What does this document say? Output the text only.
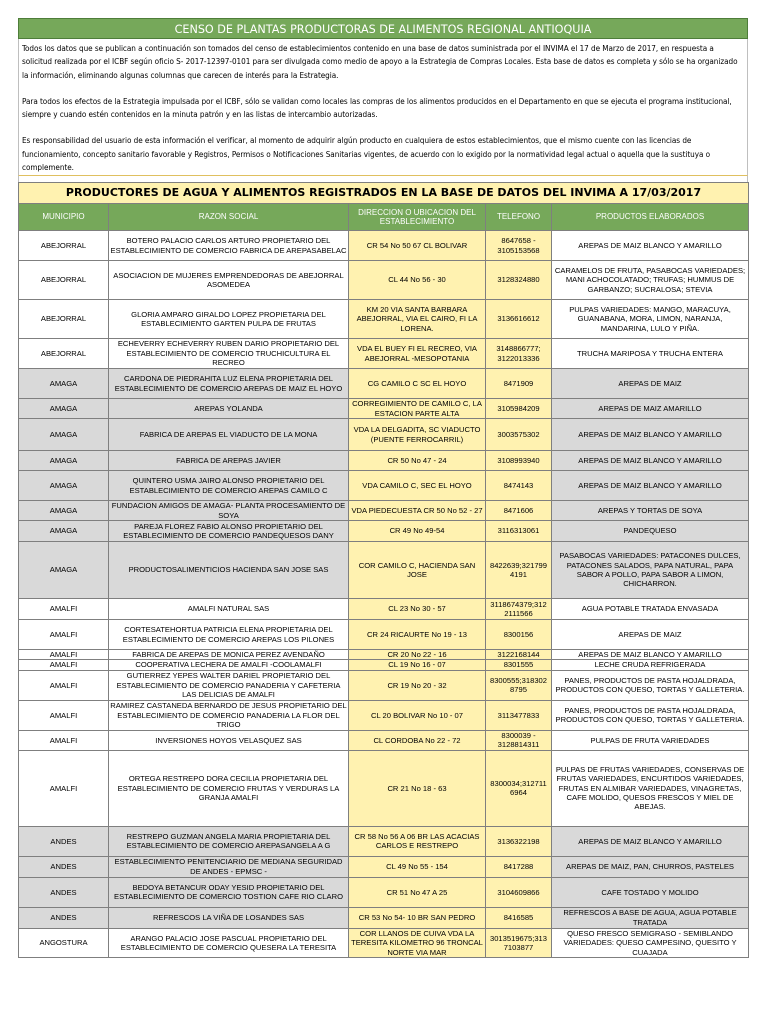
CENSO DE PLANTAS PRODUCTORAS DE ALIMENTOS REGIONAL ANTIOQUIA

Todos los datos que se publican a continuación son tomados del censo de establecimientos contenido en una base de datos suministrada por el INVIMA el 17 de Marzo de 2017, en respuesta a solicitud realizada por el ICBF según oficio S- 2017-12397-0101 para ser divulgada como medio de apoyo a la Estrategia de Compras Locales. Esta base de datos es completa y sólo se ha organizado la información, eliminando algunas columnas que carecen de interés para la Estrategia.

Para todos los efectos de la Estrategia impulsada por el ICBF, sólo se validan como locales las compras de los alimentos producidos en el Departamento en que se ejecuta el programa institucional, siempre y cuando estén contenidos en la minuta patrón y en las listas de intercambio autorizadas.

Es responsabilidad del usuario de esta información el verificar, al momento de adquirir algún producto en cualquiera de estos establecimientos, que el mismo cuente con las licencias de funcionamiento, concepto sanitario favorable y Registros, Permisos o Notificaciones Sanitarias vigentes, de acuerdo con lo exigido por la normatividad legal actual o aquella que la sustituya o complemente.

PRODUCTORES DE AGUA Y ALIMENTOS REGISTRADOS EN LA BASE DE DATOS DEL INVIMA A 17/03/2017				
MUNICIPIO	RAZON SOCIAL	DIRECCION O UBICACION DEL ESTABLECIMIENTO	TELEFONO	PRODUCTOS ELABORADOS
ABEJORRAL	BOTERO PALACIO CARLOS ARTURO PROPIETARIO DEL ESTABLECIMIENTO DE COMERCIO FABRICA DE AREPASABELAC	CR 54 No 50 67 CL BOLIVAR	8647658 - 3105153568	AREPAS DE MAIZ BLANCO Y AMARILLO
ABEJORRAL	ASOCIACION DE MUJERES EMPRENDEDORAS DE ABEJORRAL ASOMEDEA	CL 44 No 56 - 30	3128324880	CARAMELOS DE FRUTA, PASABOCAS VARIEDADES; MANI ACHOCOLATADO; TRUFAS; HUMMUS DE GARBANZO; SUCRALOSA; STEVIA
ABEJORRAL	GLORIA AMPARO GIRALDO LOPEZ PROPIETARIA DEL ESTABLECIMIENTO GARTEN PULPA DE FRUTAS	KM 20 VIA SANTA BARBARA ABEJORRAL, VIA EL CAIRO, FI LA LORENA.	3136616612	PULPAS VARIEDADES: MANGO, MARACUYA, GUANABANA, MORA, LIMON, NARANJA, MANDARINA, LULO Y PIÑA.
ABEJORRAL	ECHEVERRY ECHEVERRY RUBEN DARIO PROPIETARIO DEL ESTABLECIMIENTO DE COMERCIO TRUCHICULTURA EL RECREO	VDA EL BUEY FI EL RECREO, VIA ABEJORRAL -MESOPOTANIA	3148866777; 3122013336	TRUCHA MARIPOSA Y TRUCHA ENTERA
AMAGA	CARDONA DE PIEDRAHITA LUZ ELENA PROPIETARIA DEL ESTABLECIMIENTO DE COMERCIO AREPAS DE MAIZ EL HOYO	CG CAMILO C SC EL HOYO	8471909	AREPAS DE MAIZ
AMAGA	AREPAS YOLANDA	CORREGIMIENTO DE CAMILO C, LA ESTACION PARTE ALTA	3105984209	AREPAS DE MAIZ AMARILLO
AMAGA	FABRICA DE AREPAS EL VIADUCTO DE LA MONA	VDA LA DELGADITA, SC VIADUCTO (PUENTE FERROCARRIL)	3003575302	AREPAS DE MAIZ BLANCO Y AMARILLO
AMAGA	FABRICA DE AREPAS JAVIER	CR 50 No 47 - 24	3108993940	AREPAS DE MAIZ BLANCO Y AMARILLO
AMAGA	QUINTERO USMA JAIRO ALONSO PROPIETARIO DEL ESTABLECIMIENTO DE COMERCIO AREPAS CAMILO C	VDA CAMILO C, SEC EL HOYO	8474143	AREPAS DE MAIZ BLANCO Y AMARILLO
AMAGA	FUNDACION AMIGOS DE AMAGA- PLANTA PROCESAMIENTO DE SOYA	VDA PIEDECUESTA CR 50 No 52 - 27	8471606	AREPAS Y TORTAS DE SOYA
AMAGA	PAREJA FLOREZ FABIO ALONSO PROPIETARIO DEL ESTABLECIMIENTO DE COMERCIO PANDEQUESOS DANY	CR 49 No 49-54	3116313061	PANDEQUESO
AMAGA	PRODUCTOSALIMENTICIOS HACIENDA SAN JOSE SAS	COR CAMILO C, HACIENDA SAN JOSE	8422639;321799 4191	PASABOCAS VARIEDADES: PATACONES DULCES, PATACONES SALADOS, PAPA NATURAL, PAPA SABOR A POLLO, PAPA SABOR A LIMON, CHICHARRON.
AMALFI	AMALFI NATURAL SAS	CL 23 No 30 - 57	3118674379;312 2111566	AGUA POTABLE TRATADA ENVASADA
AMALFI	CORTESATEHORTUA PATRICIA ELENA PROPIETARIA DEL ESTABLECIMIENTO DE COMERCIO AREPAS LOS PILONES	CR 24 RICAURTE No 19 - 13	8300156	AREPAS DE MAIZ
AMALFI	FABRICA DE AREPAS DE MONICA PEREZ AVENDAÑO	CR 20 No 22 - 16	3122168144	AREPAS DE MAIZ BLANCO Y AMARILLO
AMALFI	COOPERATIVA LECHERA DE AMALFI -COOLAMALFI	CL 19 No 16 - 07	8301555	LECHE CRUDA REFRIGERADA
AMALFI	GUTIERREZ YEPES WALTER DARIEL PROPIETARIO DEL ESTABLECIMIENTO DE COMERCIO PANADERIA Y CAFETERIA LAS DELICIAS DE AMALFI	CR 19 No 20 - 32	8300555;318302 8795	PANES, PRODUCTOS DE PASTA HOJALDRADA, PRODUCTOS CON QUESO, TORTAS Y GALLETERIA.
AMALFI	RAMIREZ CASTANEDA BERNARDO DE JESUS PROPIETARIO DEL ESTABLECIMIENTO DE COMERCIO PANADERIA LA FLOR DEL TRIGO	CL 20 BOLIVAR No 10 - 07	3113477833	PANES, PRODUCTOS DE PASTA HOJALDRADA, PRODUCTOS CON QUESO, TORTAS Y GALLETERIA.
AMALFI	INVERSIONES HOYOS VELASQUEZ SAS	CL CORDOBA No 22 - 72	8300039 - 3128814311	PULPAS DE FRUTA VARIEDADES
AMALFI	ORTEGA RESTREPO DORA CECILIA PROPIETARIA DEL ESTABLECIMIENTO DE COMERCIO FRUTAS Y VERDURAS LA GRANJA AMALFI	CR 21 No 18 - 63	8300034;312711 6964	PULPAS DE FRUTAS VARIEDADES, CONSERVAS DE FRUTAS VARIEDADES, ENCURTIDOS VARIEDADES, FRUTAS EN ALMIBAR VARIEDADES, VINAGRETAS, CAFE MOLIDO, QUESOS FRESCOS Y MIEL DE ABEJAS.
ANDES	RESTREPO GUZMAN ANGELA MARIA PROPIETARIA DEL ESTABLECIMIENTO DE COMERCIO AREPASANGELA A G	CR 58 No 56 A 06 BR LAS ACACIAS CARLOS E RESTREPO	3136322198	AREPAS DE MAIZ BLANCO Y AMARILLO
ANDES	ESTABLECIMIENTO PENITENCIARIO DE MEDIANA SEGURIDAD DE ANDES - EPMSC -	CL 49 No 55 - 154	8417288	AREPAS DE MAIZ, PAN, CHURROS, PASTELES
ANDES	BEDOYA BETANCUR ODAY YESID PROPIETARIO DEL ESTABLECIMIENTO DE COMERCIO TOSTION CAFE RIO CLARO	CR 51 No 47 A 25	3104609866	CAFE TOSTADO Y MOLIDO
ANDES	REFRESCOS LA VIÑA DE LOSANDES SAS	CR 53 No 54- 10 BR SAN PEDRO	8416585	REFRESCOS A BASE DE AGUA, AGUA POTABLE TRATADA
ANGOSTURA	ARANGO PALACIO JOSE PASCUAL PROPIETARIO DEL ESTABLECIMIENTO DE COMERCIO QUESERA LA TERESITA	COR LLANOS DE CUIVA VDA LA TERESITA KILOMETRO 96 TRONCAL NORTE VIA MAR	3013519675;313 7103877	QUESO FRESCO SEMIGRASO - SEMIBLANDO VARIEDADES: QUESO CAMPESINO, QUESITO Y CUAJADA
